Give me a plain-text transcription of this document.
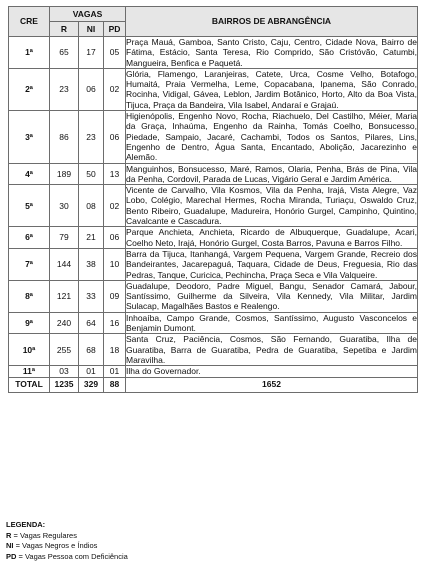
CRE	VAGAS			BAIRROS DE ABRANGÊNCIA
	R	NI	PD	
1ª	65	17	05	Praça Mauá, Gamboa, Santo Cristo, Caju, Centro, Cidade Nova, Bairro de Fátima, Estácio, Santa Teresa, Rio Comprido, São Cristóvão, Catumbi, Mangueira, Benfica e Paquetá.
2ª	23	06	02	Glória, Flamengo, Laranjeiras, Catete, Urca, Cosme Velho, Botafogo, Humaitá, Praia Vermelha, Leme, Copacabana, Ipanema, São Conrado, Rocinha, Vidigal, Gávea, Leblon, Jardim Botânico, Horto, Alto da Boa Vista, Tijuca, Praça da Bandeira, Vila Isabel, Andaraí e Grajaú.
3ª	86	23	06	Higienópolis, Engenho Novo, Rocha, Riachuelo, Del Castilho, Méier, Maria da Graça, Inhaúma, Engenho da Rainha, Tomás Coelho, Bonsucesso, Piedade, Sampaio, Jacaré, Cachambi, Todos os Santos, Pilares, Lins, Engenho de Dentro, Água Santa, Encantado, Abolição, Jacarezinho e Alemão.
4ª	189	50	13	Manguinhos, Bonsucesso, Maré, Ramos, Olaria, Penha, Brás de Pina, Vila da Penha, Cordovil, Parada de Lucas, Vigário Geral e Jardim América.
5ª	30	08	02	Vicente de Carvalho, Vila Kosmos, Vila da Penha, Irajá, Vista Alegre, Vaz Lobo, Colégio, Marechal Hermes, Rocha Miranda, Turiaçu, Oswaldo Cruz, Bento Ribeiro, Guadalupe, Madureira, Honório Gurgel, Campinho, Quintino, Cavalcante e Cascadura.
6ª	79	21	06	Parque Anchieta, Anchieta, Ricardo de Albuquerque, Guadalupe, Acari, Coelho Neto, Irajá, Honório Gurgel, Costa Barros, Pavuna e Barros Filho.
7ª	144	38	10	Barra da Tijuca, Itanhangá, Vargem Pequena, Vargem Grande, Recreio dos Bandeirantes, Jacarepaguá, Taquara, Cidade de Deus, Freguesia, Rio das Pedras, Tanque, Curicica, Pechincha, Praça Seca e Vila Valqueire.
8ª	121	33	09	Guadalupe, Deodoro, Padre Miguel, Bangu, Senador Camará, Jabour, Santíssimo, Guilherme da Silveira, Vila Kennedy, Vila Militar, Jardim Sulacap, Magalhães Bastos e Realengo.
9ª	240	64	16	Inhoaíba, Campo Grande, Cosmos, Santíssimo, Augusto Vasconcelos e Benjamin Dumont.
10ª	255	68	18	Santa Cruz, Paciência, Cosmos, São Fernando, Guaratiba, Ilha de Guaratiba, Barra de Guaratiba, Pedra de Guaratiba, Sepetiba e Jardim Maravilha.
11ª	03	01	01	Ilha do Governador.
TOTAL	1235	329	88	1652
LEGENDA:
R = Vagas Regulares
NI = Vagas Negros e Índios
PD = Vagas Pessoa com Deficiência
